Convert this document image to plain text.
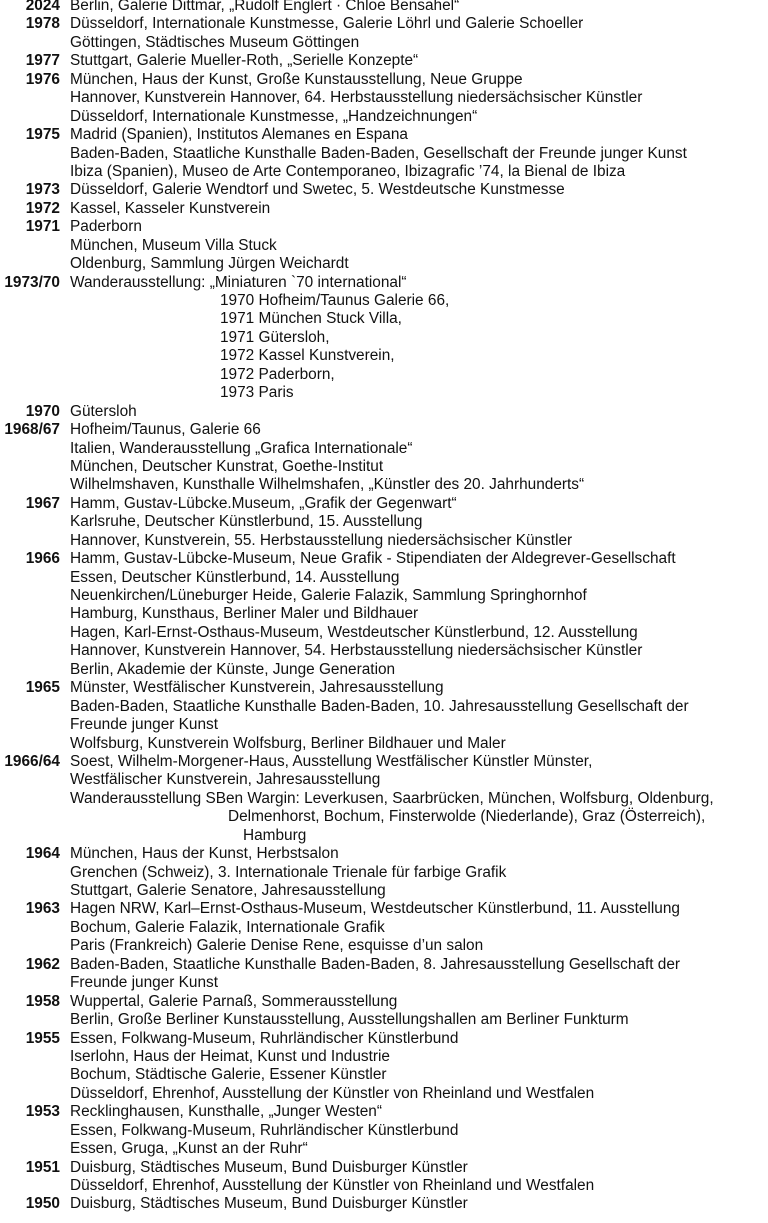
2024 Berlin, Galerie Dittmar, „Rudolf Englert · Chloe Bensahel“
1978 Düsseldorf, Internationale Kunstmesse, Galerie Löhrl und Galerie Schoeller
Göttingen, Städtisches Museum Göttingen
1977 Stuttgart, Galerie Mueller-Roth, „Serielle Konzepte“
1976 München, Haus der Kunst, Große Kunstausstellung, Neue Gruppe
Hannover, Kunstverein Hannover, 64. Herbstausstellung niedersächsischer Künstler
Düsseldorf, Internationale Kunstmesse, „Handzeichnungen“
1975 Madrid (Spanien), Institutos Alemanes en Espana
Baden-Baden, Staatliche Kunsthalle Baden-Baden, Gesellschaft der Freunde junger Kunst
Ibiza (Spanien), Museo de Arte Contemporaneo, Ibizagrafic ’74, la Bienal de Ibiza
1973 Düsseldorf, Galerie Wendtorf und Swetec, 5. Westdeutsche Kunstmesse
1972 Kassel, Kasseler Kunstverein
1971 Paderborn
München, Museum Villa Stuck
Oldenburg, Sammlung Jürgen Weichardt
1973/70 Wanderausstellung: „Miniaturen `70 international“
1970 Hofheim/Taunus Galerie 66,
1971 München Stuck Villa,
1971 Gütersloh,
1972 Kassel Kunstverein,
1972 Paderborn,
1973 Paris
1970 Gütersloh
1968/67 Hofheim/Taunus, Galerie 66
Italien, Wanderausstellung „Grafica Internationale“
München, Deutscher Kunstrat, Goethe-Institut
Wilhelmshaven, Kunsthalle Wilhelmshafen, „Künstler des 20. Jahrhunderts“
1967 Hamm, Gustav-Lübcke.Museum, „Grafik der Gegenwart“
Karlsruhe, Deutscher Künstlerbund, 15. Ausstellung
Hannover, Kunstverein, 55. Herbstausstellung niedersächsischer Künstler
1966 Hamm, Gustav-Lübcke-Museum, Neue Grafik - Stipendiaten der Aldegrever-Gesellschaft
Essen, Deutscher Künstlerbund, 14. Ausstellung
Neuenkirchen/Lüneburger Heide, Galerie Falazik, Sammlung Springhornhof
Hamburg, Kunsthaus, Berliner Maler und Bildhauer
Hagen, Karl-Ernst-Osthaus-Museum, Westdeutscher Künstlerbund, 12. Ausstellung
Hannover, Kunstverein Hannover, 54. Herbstausstellung niedersächsischer Künstler
Berlin, Akademie der Künste, Junge Generation
1965 Münster, Westfälischer Kunstverein, Jahresausstellung
Baden-Baden, Staatliche Kunsthalle Baden-Baden, 10. Jahresausstellung Gesellschaft der
Freunde junger Kunst
Wolfsburg, Kunstverein Wolfsburg, Berliner Bildhauer und Maler
1966/64 Soest, Wilhelm-Morgener-Haus, Ausstellung Westfälischer Künstler Münster,
Westfälischer Kunstverein, Jahresausstellung
Wanderausstellung SBen Wargin: Leverkusen, Saarbrücken, München, Wolfsburg, Oldenburg,
Delmenhorst, Bochum, Finsterwolde (Niederlande), Graz (Österreich),
Hamburg
1964 München, Haus der Kunst, Herbstsalon
Grenchen (Schweiz), 3. Internationale Trienale für farbige Grafik
Stuttgart, Galerie Senatore, Jahresausstellung
1963 Hagen NRW, Karl–Ernst-Osthaus-Museum, Westdeutscher Künstlerbund, 11. Ausstellung
Bochum, Galerie Falazik, Internationale Grafik
Paris (Frankreich) Galerie Denise Rene, esquisse d’un salon
1962 Baden-Baden, Staatliche Kunsthalle Baden-Baden, 8. Jahresausstellung Gesellschaft der
Freunde junger Kunst
1958 Wuppertal, Galerie Parnaß, Sommerausstellung
Berlin, Große Berliner Kunstausstellung, Ausstellungshallen am Berliner Funkturm
1955 Essen, Folkwang-Museum, Ruhrländischer Künstlerbund
Iserlohn, Haus der Heimat, Kunst und Industrie
Bochum, Städtische Galerie, Essener Künstler
Düsseldorf, Ehrenhof, Ausstellung der Künstler von Rheinland und Westfalen
1953 Recklinghausen, Kunsthalle, „Junger Westen“
Essen, Folkwang-Museum, Ruhrländischer Künstlerbund
Essen, Gruga, „Kunst an der Ruhr“
1951 Duisburg, Städtisches Museum, Bund Duisburger Künstler
Düsseldorf, Ehrenhof, Ausstellung der Künstler von Rheinland und Westfalen
1950 Duisburg, Städtisches Museum, Bund Duisburger Künstler
